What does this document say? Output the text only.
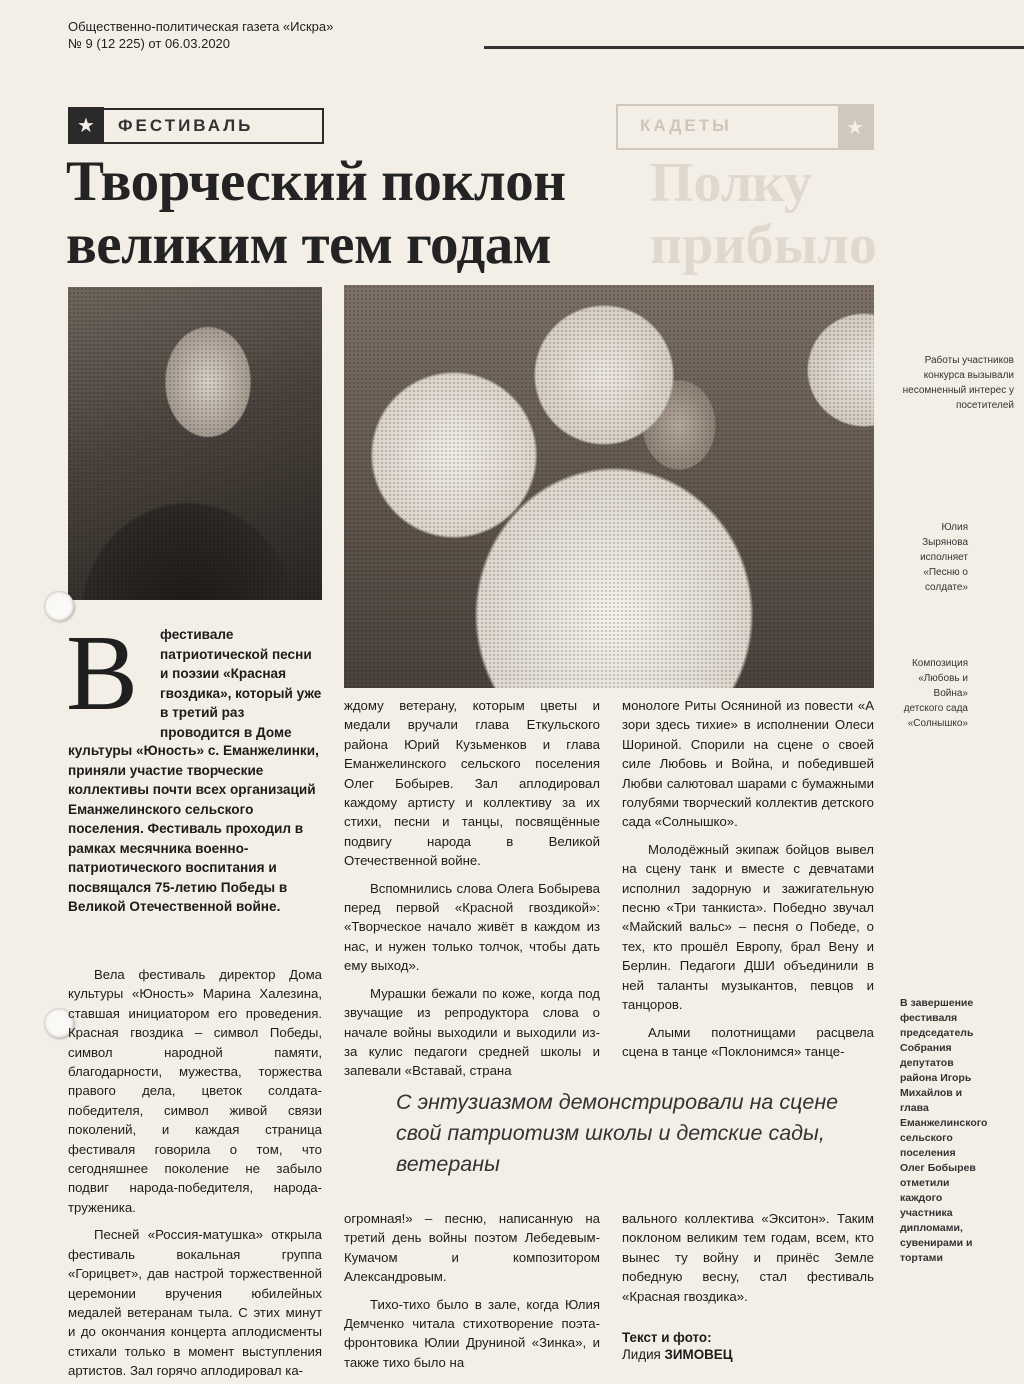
Общественно-политическая газета «Искра»
№ 9 (12 225) от 06.03.2020
КАДЕТЫ	★
Полку прибыло
★	ФЕСТИВАЛЬ
Творческий поклон великим тем годам
Работы участников конкурса вызывали несомненный интерес у посетителей
Юлия Зырянова исполняет «Песню о солдате»
Композиция «Любовь и Война» детского сада «Солнышко»
В завершение фестиваля председатель Собрания депутатов района Игорь Михайлов и глава Еманжелинского сельского поселения Олег Бобырев отметили каждого участника дипломами, сувенирами и тортами
В фестивале патриотической песни и поэзии «Красная гвоздика», который уже в третий раз проводится в Доме
культуры «Юность» с. Еманжелинки, приняли участие творческие коллективы почти всех организаций Еманжелинского сельского поселения. Фестиваль проходил в рамках месячника военно-патриотического воспитания и посвящался 75-летию Победы в Великой Отечественной войне.

Вела фестиваль директор Дома культуры «Юность» Марина Халезина, ставшая инициатором его проведения. Красная гвоздика – символ Победы, символ народной памяти, благодарности, мужества, торжества правого дела, цветок солдата-победителя, символ живой связи поколений, и каждая страница фестиваля говорила о том, что сегодняшнее поколение не забыло подвиг народа-победителя, народа-труженика.

Песней «Россия-матушка» открыла фестиваль вокальная группа «Горицвет», дав настрой торжественной церемонии вручения юбилейных медалей ветеранам тыла. С этих минут и до окончания концерта аплодисменты стихали только в момент выступления артистов. Зал горячо аплодировал ка-

ждому ветерану, которым цветы и медали вручали глава Еткульского района Юрий Кузьменков и глава Еманжелинского сельского поселения Олег Бобырев. Зал аплодировал каждому артисту и коллективу за их стихи, песни и танцы, посвящённые подвигу народа в Великой Отечественной войне.

Вспомнились слова Олега Бобырева перед первой «Красной гвоздикой»: «Творческое начало живёт в каждом из нас, и нужен только толчок, чтобы дать ему выход».

Мурашки бежали по коже, когда под звучащие из репродуктора слова о начале войны выходили и выходили из-за кулис педагоги средней школы и запевали «Вставай, страна

монологе Риты Осяниной из повести «А зори здесь тихие» в исполнении Олеси Шориной. Спорили на сцене о своей силе Любовь и Война, и победившей Любви салютовал шарами с бумажными голубями творческий коллектив детского сада «Солнышко».

Молодёжный экипаж бойцов вывел на сцену танк и вместе с девчатами исполнил задорную и зажигательную песню «Три танкиста». Победно звучал «Майский вальс» – песня о Победе, о тех, кто прошёл Европу, брал Вену и Берлин. Педагоги ДШИ объединили в ней таланты музыкантов, певцов и танцоров.

Алыми полотнищами расцвела сцена в танце «Поклонимся» танце-

С энтузиазмом демонстрировали на сцене свой патриотизм школы и детские сады, ветераны

огромная!» – песню, написанную на третий день войны поэтом Лебедевым-Кумачом и композитором Александровым.

Тихо-тихо было в зале, когда Юлия Демченко читала стихотворение поэта-фронтовика Юлии Друниной «Зинка», и также тихо было на

вального коллектива «Экситон». Таким поклоном великим тем годам, всем, кто вынес ту войну и принёс Земле победную весну, стал фестиваль «Красная гвоздика».

Текст и фото:
Лидия ЗИМОВЕЦ
